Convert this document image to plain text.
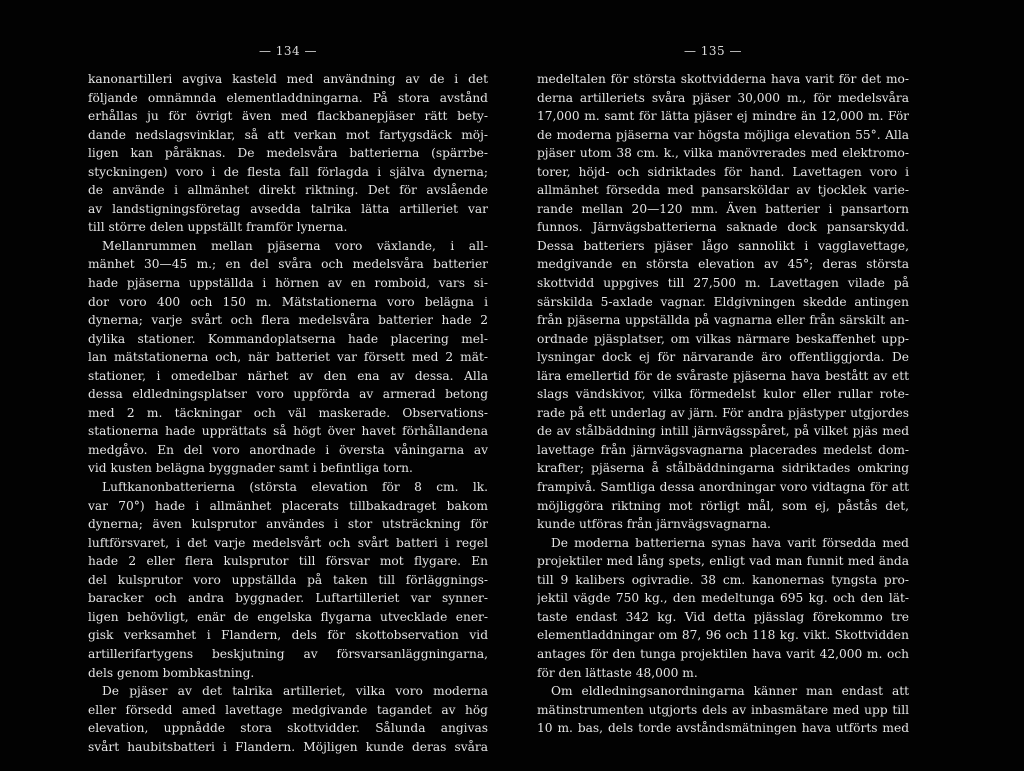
— 134 —
kanonartilleri avgiva kasteld med användning av de i det
följande omnämnda elementladdningarna. På stora avstånd
erhållas ju för övrigt även med flackbanepjäser rätt bety-
dande nedslagsvinklar, så att verkan mot fartygsdäck möj-
ligen kan påräknas. De medelsvåra batterierna (spärrbe-
styckningen) voro i de flesta fall förlagda i själva dynerna;
de använde i allmänhet direkt riktning. Det för avslående
av landstigningsföretag avsedda talrika lätta artilleriet var
till större delen uppställt framför lynerna.
Mellanrummen mellan pjäserna voro växlande, i all-
mänhet 30—45 m.; en del svåra och medelsvåra batterier
hade pjäserna uppställda i hörnen av en romboid, vars si-
dor voro 400 och 150 m. Mätstationerna voro belägna i
dynerna; varje svårt och flera medelsvåra batterier hade 2
dylika stationer. Kommandoplatserna hade placering mel-
lan mätstationerna och, när batteriet var försett med 2 mät-
stationer, i omedelbar närhet av den ena av dessa. Alla
dessa eldledningsplatser voro uppförda av armerad betong
med 2 m. täckningar och väl maskerade. Observations-
stationerna hade upprättats så högt över havet förhållandena
medgåvo. En del voro anordnade i översta våningarna av
vid kusten belägna byggnader samt i befintliga torn.
Luftkanonbatterierna (största elevation för 8 cm. lk.
var 70°) hade i allmänhet placerats tillbakadraget bakom
dynerna; även kulsprutor användes i stor utsträckning för
luftförsvaret, i det varje medelsvårt och svårt batteri i regel
hade 2 eller flera kulsprutor till försvar mot flygare. En
del kulsprutor voro uppställda på taken till förläggnings-
baracker och andra byggnader. Luftartilleriet var synner-
ligen behövligt, enär de engelska flygarna utvecklade ener-
gisk verksamhet i Flandern, dels för skottobservation vid
artillerifartygens beskjutning av försvarsanläggningarna,
dels genom bombkastning.
De pjäser av det talrika artilleriet, vilka voro moderna
eller försedd amed lavettage medgivande tagandet av hög
elevation, uppnådde stora skottvidder. Sålunda angivas
svårt haubitsbatteri i Flandern. Möjligen kunde deras svåra
— 135 —
medeltalen för största skottvidderna hava varit för det mo-
derna artilleriets svåra pjäser 30,000 m., för medelsvåra
17,000 m. samt för lätta pjäser ej mindre än 12,000 m. För
de moderna pjäserna var högsta möjliga elevation 55°. Alla
pjäser utom 38 cm. k., vilka manövrerades med elektromo-
torer, höjd- och sidriktades för hand. Lavettagen voro i
allmänhet försedda med pansarsköldar av tjocklek varie-
rande mellan 20—120 mm. Även batterier i pansartorn
funnos. Järnvägsbatterierna saknade dock pansarskydd.
Dessa batteriers pjäser lågo sannolikt i vagglavettage,
medgivande en största elevation av 45°; deras största
skottvidd uppgives till 27,500 m. Lavettagen vilade på
särskilda 5-axlade vagnar. Eldgivningen skedde antingen
från pjäserna uppställda på vagnarna eller från särskilt an-
ordnade pjäsplatser, om vilkas närmare beskaffenhet upp-
lysningar dock ej för närvarande äro offentliggjorda. De
lära emellertid för de svåraste pjäserna hava bestått av ett
slags vändskivor, vilka förmedelst kulor eller rullar rote-
rade på ett underlag av järn. För andra pjästyper utgjordes
de av stålbäddning intill järnvägsspåret, på vilket pjäs med
lavettage från järnvägsvagnarna placerades medelst dom-
krafter; pjäserna å stålbäddningarna sidriktades omkring
frampivå. Samtliga dessa anordningar voro vidtagna för att
möjliggöra riktning mot rörligt mål, som ej, påstås det,
kunde utföras från järnvägsvagnarna.
De moderna batterierna synas hava varit försedda med
projektiler med lång spets, enligt vad man funnit med ända
till 9 kalibers ogivradie. 38 cm. kanonernas tyngsta pro-
jektil vägde 750 kg., den medeltunga 695 kg. och den lät-
taste endast 342 kg. Vid detta pjässlag förekommo tre
elementladdningar om 87, 96 och 118 kg. vikt. Skottvidden
antages för den tunga projektilen hava varit 42,000 m. och
för den lättaste 48,000 m.
Om eldledningsanordningarna känner man endast att
mätinstrumenten utgjorts dels av inbasmätare med upp till
10 m. bas, dels torde avståndsmätningen hava utförts med
